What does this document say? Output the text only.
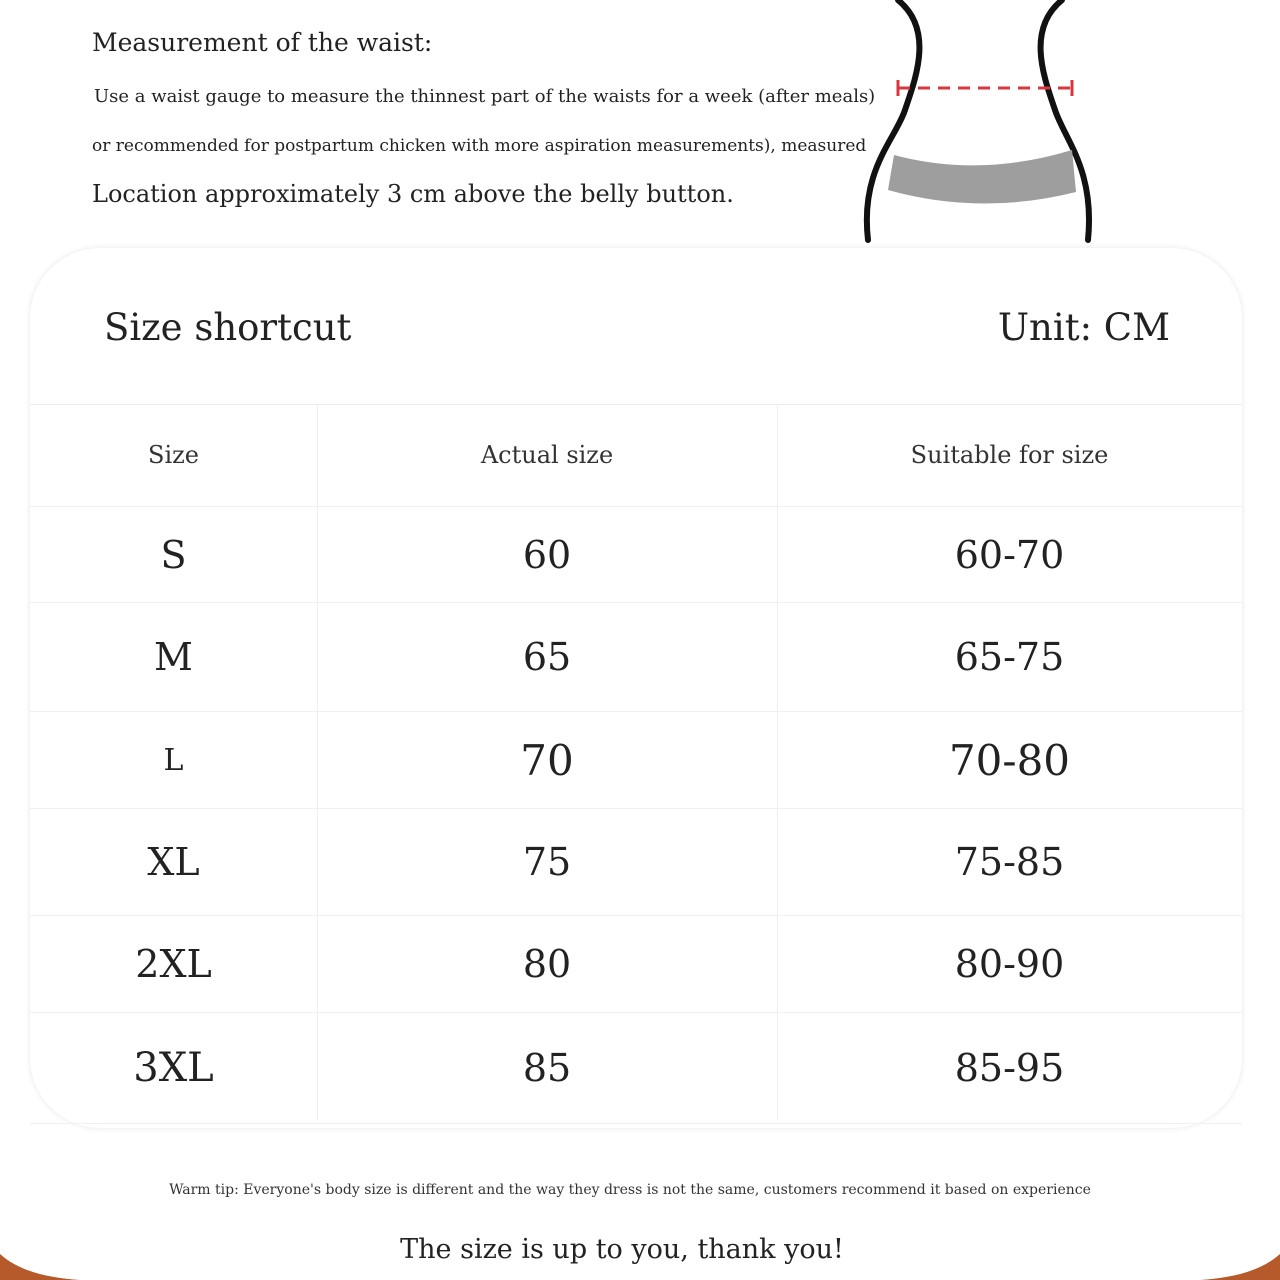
Measurement of the waist:
Use a waist gauge to measure the thinnest part of the waists for a week (after meals)
or recommended for postpartum chicken with more aspiration measurements), measured
Location approximately 3 cm above the belly button.
Size shortcut	Unit: CM
Size	Actual size	Suitable for size
S	60	60-70
M	65	65-75
L	70	70-80
XL	75	75-85
2XL	80	80-90
3XL	85	85-95
Warm tip: Everyone's body size is different and the way they dress is not the same, customers recommend it based on experience
The size is up to you, thank you!
